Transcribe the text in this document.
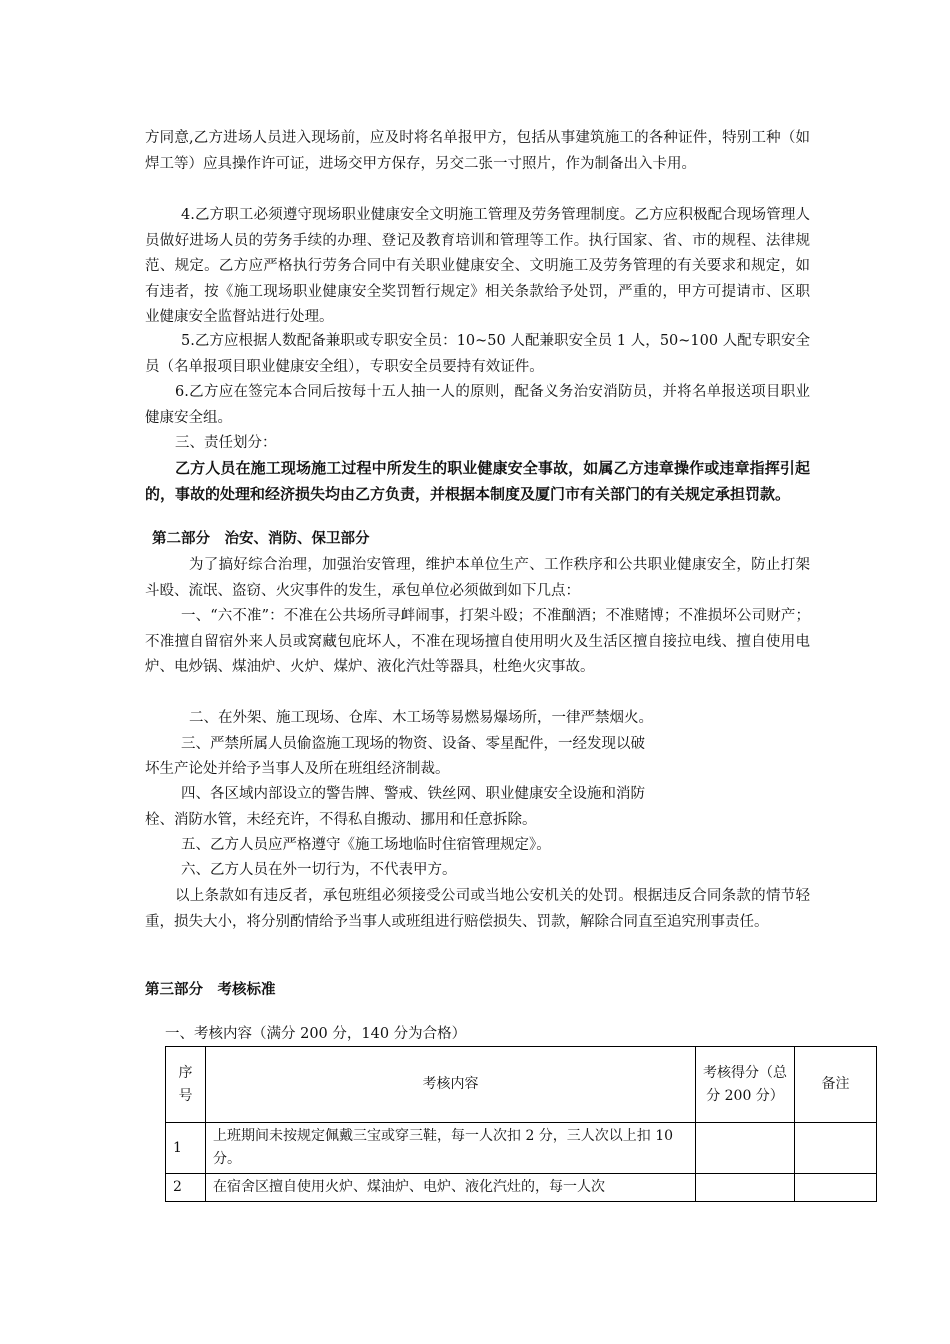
方同意,乙方进场人员进入现场前，应及时将名单报甲方，包括从事建筑施工的各种证件，特别工种（如焊工等）应具操作许可证，进场交甲方保存，另交二张一寸照片，作为制备出入卡用。

4.乙方职工必须遵守现场职业健康安全文明施工管理及劳务管理制度。乙方应积极配合现场管理人员做好进场人员的劳务手续的办理、登记及教育培训和管理等工作。执行国家、省、市的规程、法律规范、规定。乙方应严格执行劳务合同中有关职业健康安全、文明施工及劳务管理的有关要求和规定，如有违者，按《施工现场职业健康安全奖罚暂行规定》相关条款给予处罚，严重的，甲方可提请市、区职业健康安全监督站进行处理。

5.乙方应根据人数配备兼职或专职安全员：10~50 人配兼职安全员 1 人，50~100 人配专职安全员（名单报项目职业健康安全组），专职安全员要持有效证件。

6.乙方应在签完本合同后按每十五人抽一人的原则，配备义务治安消防员，并将名单报送项目职业健康安全组。

三、责任划分：

乙方人员在施工现场施工过程中所发生的职业健康安全事故，如属乙方违章操作或违章指挥引起的，事故的处理和经济损失均由乙方负责，并根据本制度及厦门市有关部门的有关规定承担罚款。

第二部分　治安、消防、保卫部分

为了搞好综合治理，加强治安管理，维护本单位生产、工作秩序和公共职业健康安全，防止打架斗殴、流氓、盗窃、火灾事件的发生，承包单位必须做到如下几点：

一、“六不准”：不准在公共场所寻衅闹事，打架斗殴；不准酗酒；不准赌博；不准损坏公司财产；不准擅自留宿外来人员或窝藏包庇坏人，不准在现场擅自使用明火及生活区擅自接拉电线、擅自使用电炉、电炒锅、煤油炉、火炉、煤炉、液化汽灶等器具，杜绝火灾事故。

二、在外架、施工现场、仓库、木工场等易燃易爆场所，一律严禁烟火。

三、严禁所属人员偷盗施工现场的物资、设备、零星配件，一经发现以破

坏生产论处并给予当事人及所在班组经济制裁。

四、各区域内部设立的警告牌、警戒、铁丝网、职业健康安全设施和消防

栓、消防水管，未经充许，不得私自搬动、挪用和任意拆除。

五、乙方人员应严格遵守《施工场地临时住宿管理规定》。

六、乙方人员在外一切行为，不代表甲方。

以上条款如有违反者，承包班组必须接受公司或当地公安机关的处罚。根据违反合同条款的情节轻重，损失大小，将分别酌情给予当事人或班组进行赔偿损失、罚款，解除合同直至追究刑事责任。

第三部分　考核标准

一、考核内容（满分 200 分，140 分为合格）

序号	考核内容	考核得分（总分 200 分）	备注
1	上班期间未按规定佩戴三宝或穿三鞋，每一人次扣 2 分，三人次以上扣 10 分。		
2	在宿舍区擅自使用火炉、煤油炉、电炉、液化汽灶的，每一人次		
